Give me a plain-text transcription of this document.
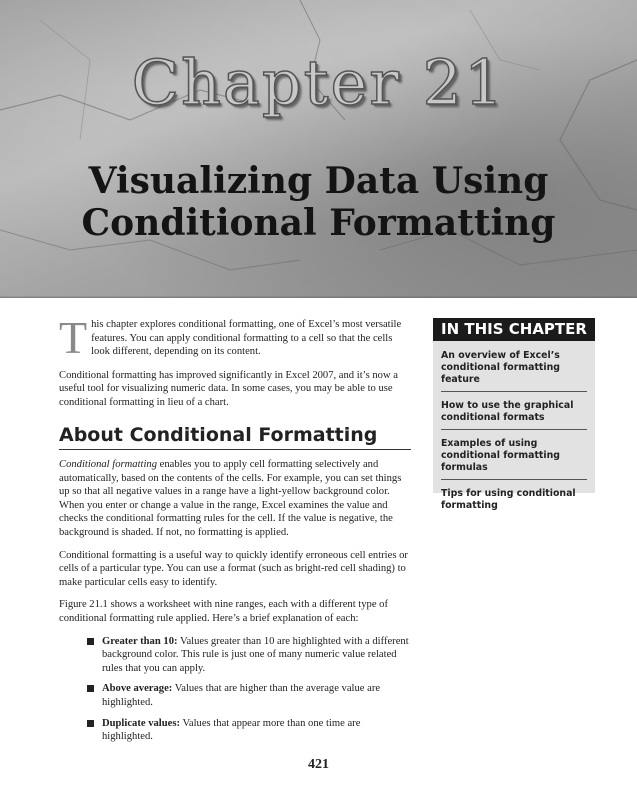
Chapter 21
Visualizing Data Using
Conditional Formatting

This chapter explores conditional formatting, one of Excel’s most versatile features. You can apply conditional formatting to a cell so that the cells look different, depending on its content.

Conditional formatting has improved significantly in Excel 2007, and it’s now a useful tool for visualizing numeric data. In some cases, you may be able to use conditional formatting in lieu of a chart.

About Conditional Formatting

Conditional formatting enables you to apply cell formatting selectively and automatically, based on the contents of the cells. For example, you can set things up so that all negative values in a range have a light-yellow background color. When you enter or change a value in the range, Excel examines the value and checks the conditional formatting rules for the cell. If the value is negative, the background is shaded. If not, no formatting is applied.

Conditional formatting is a useful way to quickly identify erroneous cell entries or cells of a particular type. You can use a format (such as bright-red cell shading) to make particular cells easy to identify.

Figure 21.1 shows a worksheet with nine ranges, each with a different type of conditional formatting rule applied. Here’s a brief explanation of each:

Greater than 10: Values greater than 10 are highlighted with a different background color. This rule is just one of many numeric value related rules that you can apply.
Above average: Values that are higher than the average value are highlighted.
Duplicate values: Values that appear more than one time are highlighted.
IN THIS CHAPTER
An overview of Excel’s conditional formatting feature
How to use the graphical conditional formats
Examples of using conditional formatting formulas
Tips for using conditional formatting
421
